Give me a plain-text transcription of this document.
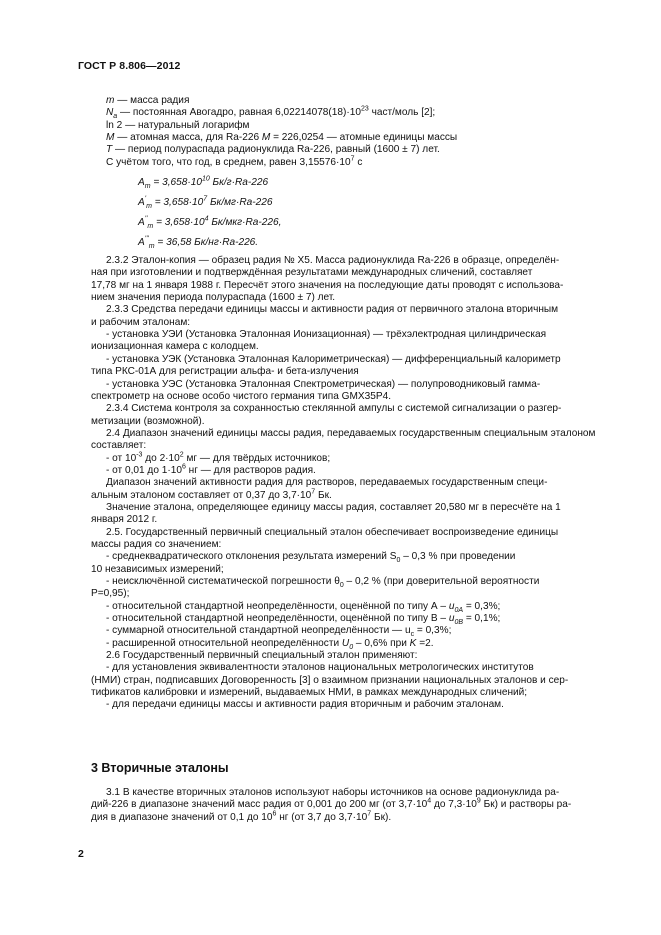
ГОСТ Р 8.806—2012
m — масса радия
$N_a$ — постоянная Авогадро, равная $6,02214078(18)\cdot 10^{23}$ част/моль [2];
ln 2 — натуральный логарифм
M — атомная масса, для Ra-226 M = 226,0254 — атомные единицы массы
T — период полураспада радионуклида Ra-226, равный (1600 ± 7) лет.
С учётом того, что год, в среднем, равен $3,15576\cdot 10^7$ с
$A_m = 3,658\cdot 10^{10}$ Бк/г·Ra-226
$A'_m = 3,658\cdot 10^7$ Бк/мг·Ra-226
$A''_m = 3,658\cdot 10^4$ Бк/мкг·Ra-226,
$A'''_m = 36,58$ Бк/нг·Ra-226.
2.3.2 Эталон-копия — образец радия № Х5. Масса радионуклида Ra-226 в образце, определён-
ная при изготовлении и подтверждённая результатами международных сличений, составляет
17,78 мг на 1 января 1988 г. Пересчёт этого значения на последующие даты проводят с использова-
нием значения периода полураспада (1600 ± 7) лет.
2.3.3 Средства передачи единицы массы и активности радия от первичного эталона вторичным
и рабочим эталонам:
- установка УЭИ (Установка Эталонная Ионизационная) — трёхэлектродная цилиндрическая
ионизационная камера с колодцем.
- установка УЭК (Установка Эталонная Калориметрическая) — дифференциальный калориметр
типа РКС-01А для регистрации альфа- и бета-излучения
- установка УЭС (Установка Эталонная Спектрометрическая) — полупроводниковый гамма-
спектрометр на основе особо чистого германия типа GMX35P4.
2.3.4 Система контроля за сохранностью стеклянной ампулы с системой сигнализации о разгер-
метизации (возможной).
2.4 Диапазон значений единицы массы радия, передаваемых государственным специальным эталоном
составляет:
- от $10^{-3}$ до $2\cdot 10^2$ мг — для твёрдых источников;
- от 0,01 до $1\cdot 10^6$ нг — для растворов радия.
Диапазон значений активности радия для растворов, передаваемых государственным специ-
альным эталоном составляет от 0,37 до $3,7\cdot 10^7$ Бк.
Значение эталона, определяющее единицу массы радия, составляет 20,580 мг в пересчёте на 1
января 2012 г.
2.5. Государственный первичный специальный эталон обеспечивает воспроизведение единицы
массы радия со значением:
- среднеквадратического отклонения результата измерений $S_0 - 0,3$ % при проведении
10 независимых измерений;
- неисключённой систематической погрешности $\theta_0 - 0,2$ % (при доверительной вероятности
Р=0,95);
- относительной стандартной неопределённости, оценённой по типу $А - u_{0A} = 0,3\%$;
- относительной стандартной неопределённости, оценённой по типу $В - u_{0B} = 0,1\%$;
- суммарной относительной стандартной неопределённости — $u_c = 0,3\%$;
- расширенной относительной неопределённости $U_0 - 0,6\%$ при K =2.
2.6 Государственный первичный специальный эталон применяют:
- для установления эквивалентности эталонов национальных метрологических институтов
(НМИ) стран, подписавших Договоренность [3] о взаимном признании национальных эталонов и сер-
тификатов калибровки и измерений, выдаваемых НМИ, в рамках международных сличений;
- для передачи единицы массы и активности радия вторичным и рабочим эталонам.
3 Вторичные эталоны
3.1 В качестве вторичных эталонов используют наборы источников на основе радионуклида ра-
дий-226 в диапазоне значений масс радия от 0,001 до 200 мг (от $3,7\cdot 10^4$ до $7,3\cdot 10^9$ Бк) и растворы ра-
дия в диапазоне значений от 0,1 до $10^6$ нг (от 3,7 до $3,7\cdot 10^7$ Бк).
2
